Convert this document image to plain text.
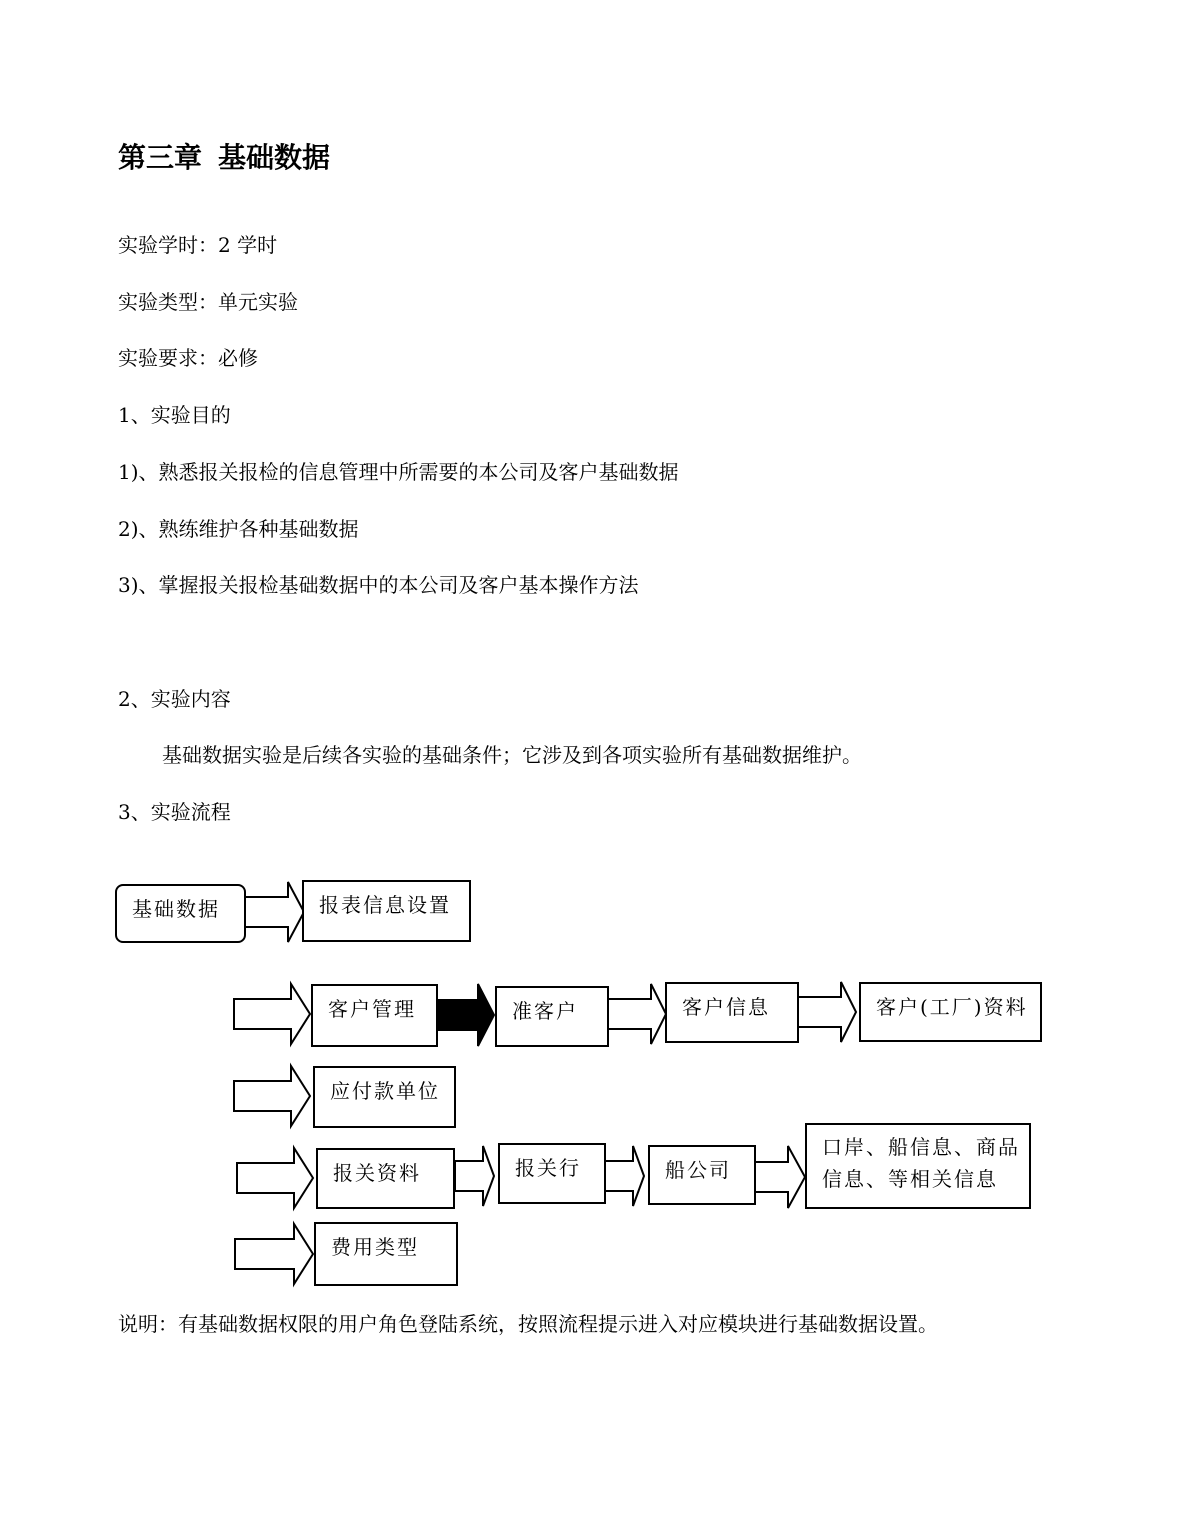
第三章 基础数据
实验学时：2 学时
实验类型：单元实验
实验要求：必修
1、实验目的
1)、熟悉报关报检的信息管理中所需要的本公司及客户基础数据
2)、熟练维护各种基础数据
3)、掌握报关报检基础数据中的本公司及客户基本操作方法
2、实验内容
基础数据实验是后续各实验的基础条件；它涉及到各项实验所有基础数据维护。
3、实验流程
基础数据	报表信息设置
客户管理	准客户	客户信息	客户(工厂)资料
应付款单位
报关资料	报关行	船公司
口岸、船信息、商品
信息、等相关信息
费用类型
说明：有基础数据权限的用户角色登陆系统，按照流程提示进入对应模块进行基础数据设置。
